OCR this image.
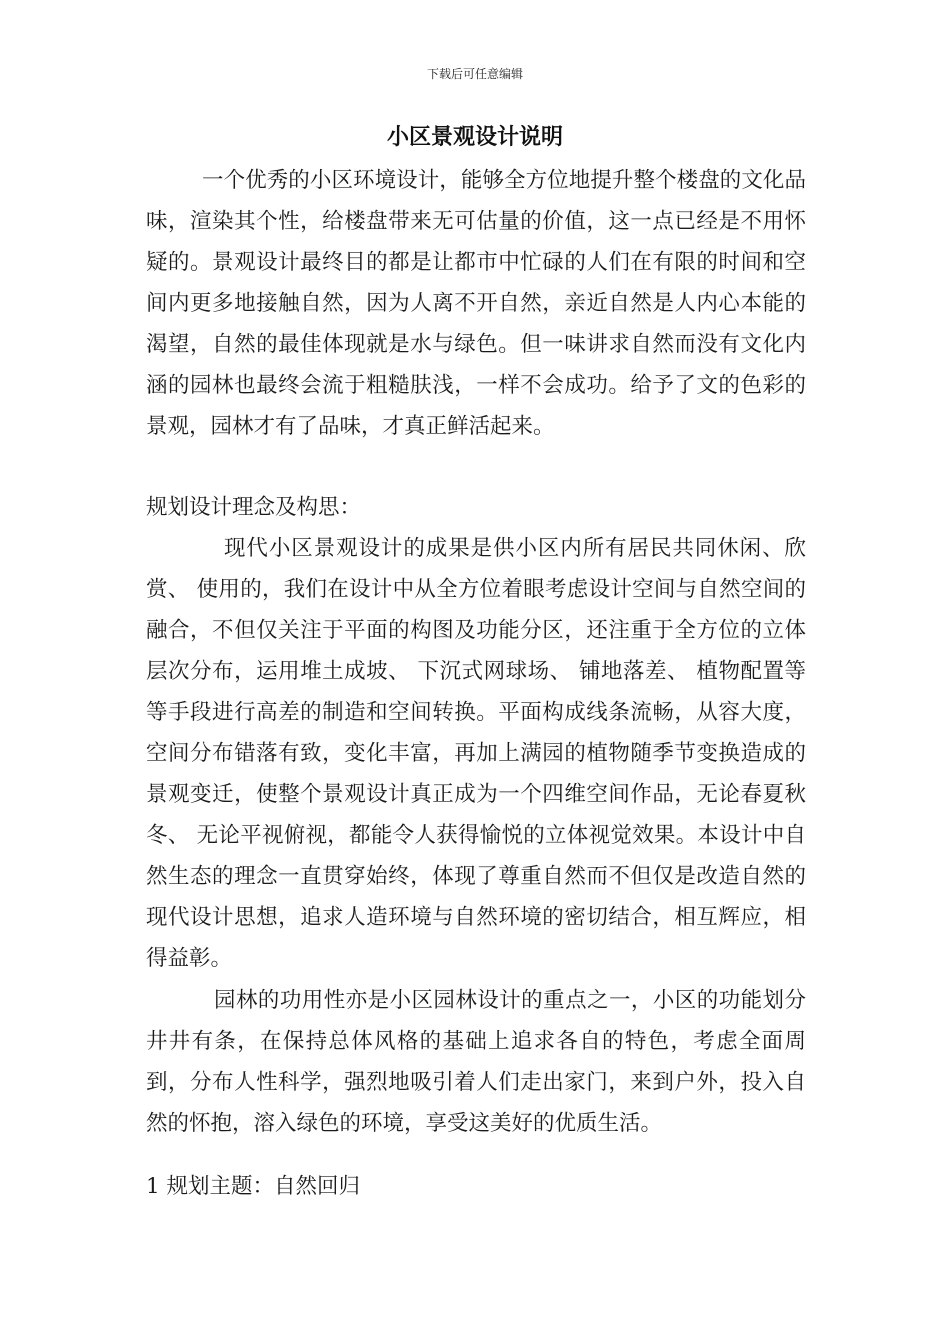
下载后可任意编辑
小区景观设计说明
一个优秀的小区环境设计，能够全方位地提升整个楼盘的文化品味，渲染其个性，给楼盘带来无可估量的价值，这一点已经是不用怀疑的。景观设计最终目的都是让都市中忙碌的人们在有限的时间和空间内更多地接触自然，因为人离不开自然，亲近自然是人内心本能的渴望，自然的最佳体现就是水与绿色。但一味讲求自然而没有文化内涵的园林也最终会流于粗糙肤浅，一样不会成功。给予了文的色彩的景观，园林才有了品味，才真正鲜活起来。
规划设计理念及构思：
现代小区景观设计的成果是供小区内所有居民共同休闲、欣赏、 使用的，我们在设计中从全方位着眼考虑设计空间与自然空间的融合，不但仅关注于平面的构图及功能分区，还注重于全方位的立体层次分布，运用堆土成坡、 下沉式网球场、 铺地落差、 植物配置等等手段进行高差的制造和空间转换。平面构成线条流畅，从容大度，空间分布错落有致，变化丰富，再加上满园的植物随季节变换造成的景观变迁，使整个景观设计真正成为一个四维空间作品，无论春夏秋冬、 无论平视俯视，都能令人获得愉悦的立体视觉效果。本设计中自然生态的理念一直贯穿始终，体现了尊重自然而不但仅是改造自然的现代设计思想，追求人造环境与自然环境的密切结合，相互辉应，相得益彰。
园林的功用性亦是小区园林设计的重点之一，小区的功能划分井井有条，在保持总体风格的基础上追求各自的特色，考虑全面周到，分布人性科学，强烈地吸引着人们走出家门，来到户外，投入自然的怀抱，溶入绿色的环境，享受这美好的优质生活。
1 规划主题：自然回归
